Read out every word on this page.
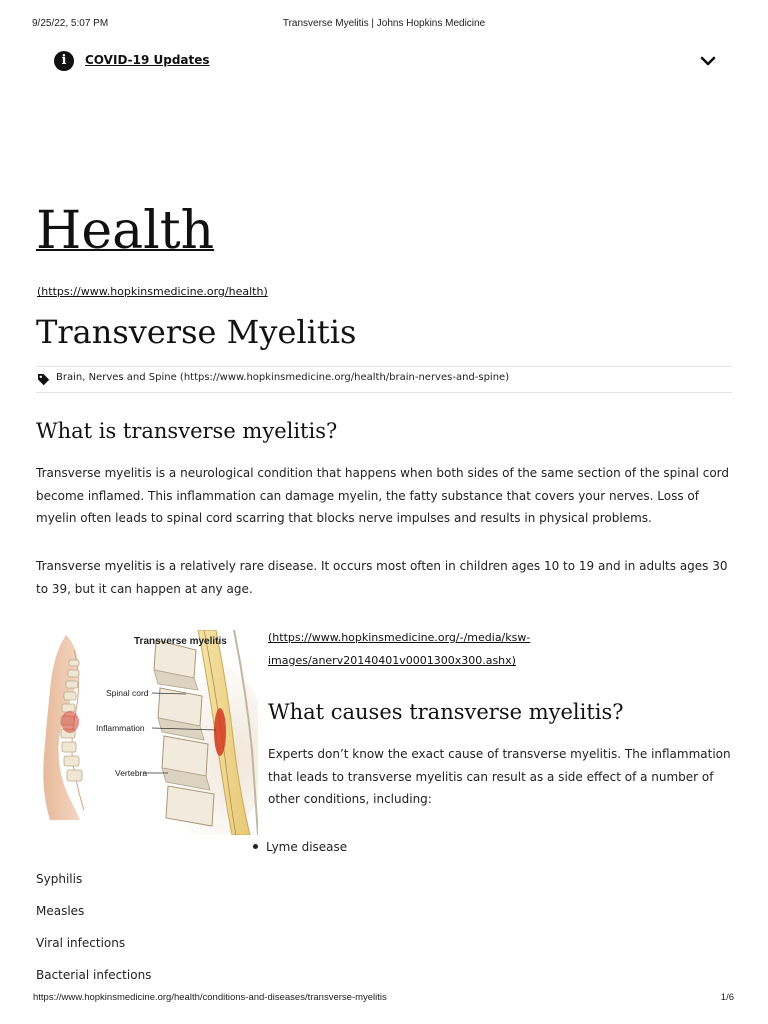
9/25/22, 5:07 PM	Transverse Myelitis | Johns Hopkins Medicine
i	COVID-19 Updates
Health
(https://www.hopkinsmedicine.org/health)
Transverse Myelitis
Brain, Nerves and Spine (https://www.hopkinsmedicine.org/health/brain-nerves-and-spine)
What is transverse myelitis?

Transverse myelitis is a neurological condition that happens when both sides of the same section of the spinal cord become inflamed. This inflammation can damage myelin, the fatty substance that covers your nerves. Loss of myelin often leads to spinal cord scarring that blocks nerve impulses and results in physical problems.

Transverse myelitis is a relatively rare disease. It occurs most often in children ages 10 to 19 and in adults ages 30 to 39, but it can happen at any age.

Transverse myelitis
Spinal cord
Inflammation
Vertebra
(https://www.hopkinsmedicine.org/-/media/ksw-
images/anerv20140401v0001300x300.ashx)
What causes transverse myelitis?

Experts don’t know the exact cause of transverse myelitis. The inflammation that leads to transverse myelitis can result as a side effect of a number of other conditions, including:

Lyme disease
Syphilis
Measles
Viral infections
Bacterial infections
https://www.hopkinsmedicine.org/health/conditions-and-diseases/transverse-myelitis	1/6
